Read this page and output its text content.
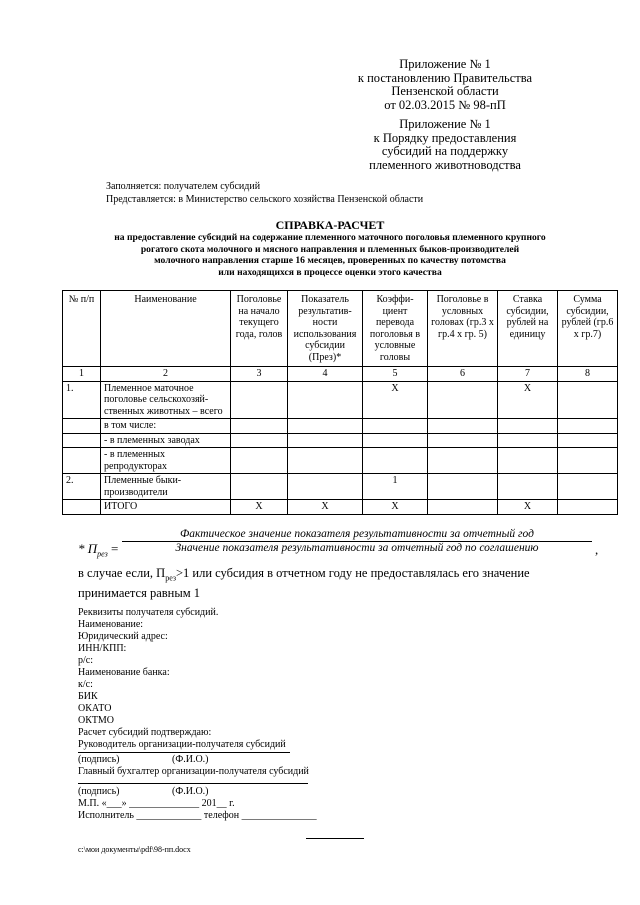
Приложение № 1
к постановлению Правительства
Пензенской области
от 02.03.2015 № 98-пП
Приложение № 1
к Порядку предоставления
субсидий на поддержку
племенного животноводства
Заполняется: получателем субсидий
Представляется: в Министерство сельского хозяйства Пензенской области
СПРАВКА-РАСЧЕТ
на предоставление субсидий на содержание племенного маточного поголовья племенного крупного
рогатого скота молочного и мясного направления и племенных быков-производителей
молочного направления старше 16 месяцев, проверенных по качеству потомства
или находящихся в процессе оценки этого качества
№ п/п	Наименование	Поголовье на начало текущего года, голов	Показатель результатив-ности использования субсидии (През)*	Коэффи-циент перевода поголовья в условные головы	Поголовье в условных головах (гр.3 х гр.4 х гр. 5)	Ставка субсидии, рублей на единицу	Сумма субсидии, рублей (гр.6 х гр.7)
1	2	3	4	5	6	7	8
1.	Племенное маточное поголовье сельскохозяй-ственных животных – всего			Х		Х	
	в том числе:						
	- в племенных заводах						
	- в племенных репродукторах						
2.	Племенные быки-производители			1			
	ИТОГО	Х	Х	Х		Х	
* $П_{рез}$ =
Фактическое значение показателя результативности за отчетный год
Значение показателя результативности за отчетный год по соглашению	,
в случае если, $П_{рез}>1$ или субсидия в отчетном году не предоставлялась его значение принимается равным 1
Реквизиты получателя субсидий.
Наименование:
Юридический адрес:
ИНН/КПП:
р/с:
Наименование банка:
к/с:
БИК
ОКАТО
ОКТМО
Расчет субсидий подтверждаю:
Руководитель организации-получателя субсидий
(подпись)	(Ф.И.О.)
Главный бухгалтер организации-получателя субсидий
(подпись)	(Ф.И.О.)
М.П. «___» ______________ 201__ г.
Исполнитель _____________ телефон _______________
c:\мои документы\pdf\98-пп.docx
